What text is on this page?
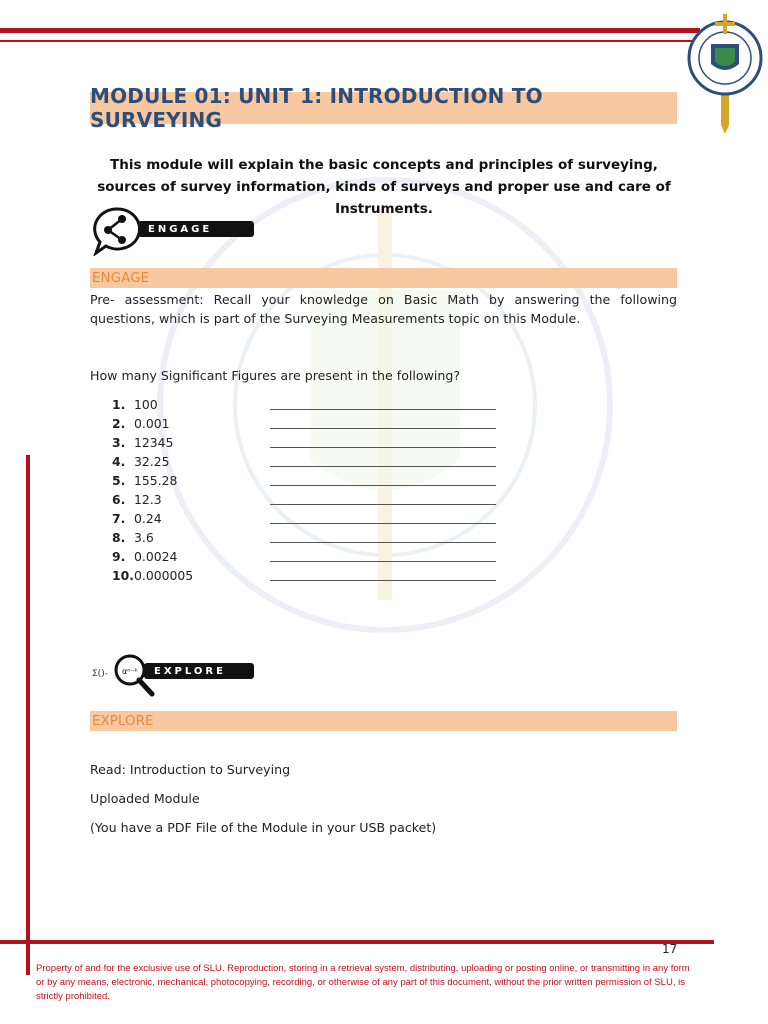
MODULE 01: UNIT 1: INTRODUCTION TO SURVEYING
This module will explain the basic concepts and principles of surveying, sources of survey information, kinds of surveys and proper use and care of Instruments.
ENGAGE
ENGAGE
Pre- assessment: Recall your knowledge on Basic Math by answering the following questions, which is part of the Surveying Measurements topic on this Module.
How many Significant Figures are present in the following?
1. 100
2. 0.001
3. 12345
4. 32.25
5. 155.28
6. 12.3
7. 0.24
8. 3.6
9. 0.0024
10. 0.000005
Σ()- αⁿ⁻ᵏ	EXPLORE
EXPLORE
Read: Introduction to Surveying
Uploaded Module
(You have a PDF File of the Module in your USB packet)
17
Property of and for the exclusive use of SLU. Reproduction, storing in a retrieval system, distributing, uploading or posting online, or transmitting in any form or by any means, electronic, mechanical, photocopying, recording, or otherwise of any part of this document, without the prior written permission of SLU, is strictly prohibited.
